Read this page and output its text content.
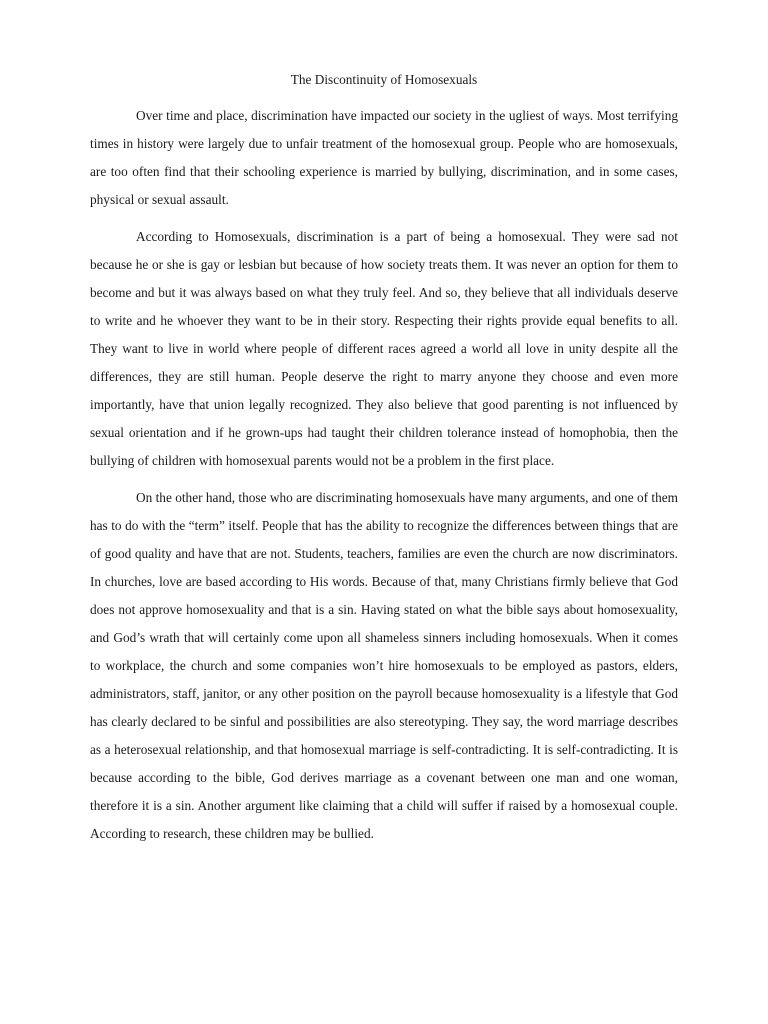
The Discontinuity of Homosexuals

Over time and place, discrimination have impacted our society in the ugliest of ways. Most terrifying times in history were largely due to unfair treatment of the homosexual group. People who are homosexuals, are too often find that their schooling experience is married by bullying, discrimination, and in some cases, physical or sexual assault.

According to Homosexuals, discrimination is a part of being a homosexual. They were sad not because he or she is gay or lesbian but because of how society treats them. It was never an option for them to become and but it was always based on what they truly feel. And so, they believe that all individuals deserve to write and he whoever they want to be in their story. Respecting their rights provide equal benefits to all. They want to live in world where people of different races agreed a world all love in unity despite all the differences, they are still human. People deserve the right to marry anyone they choose and even more importantly, have that union legally recognized. They also believe that good parenting is not influenced by sexual orientation and if he grown-ups had taught their children tolerance instead of homophobia, then the bullying of children with homosexual parents would not be a problem in the first place.

On the other hand, those who are discriminating homosexuals have many arguments, and one of them has to do with the “term” itself. People that has the ability to recognize the differences between things that are of good quality and have that are not. Students, teachers, families are even the church are now discriminators. In churches, love are based according to His words. Because of that, many Christians firmly believe that God does not approve homosexuality and that is a sin. Having stated on what the bible says about homosexuality, and God’s wrath that will certainly come upon all shameless sinners including homosexuals. When it comes to workplace, the church and some companies won’t hire homosexuals to be employed as pastors, elders, administrators, staff, janitor, or any other position on the payroll because homosexuality is a lifestyle that God has clearly declared to be sinful and possibilities are also stereotyping. They say, the word marriage describes as a heterosexual relationship, and that homosexual marriage is self-contradicting. It is self-contradicting. It is because according to the bible, God derives marriage as a covenant between one man and one woman, therefore it is a sin. Another argument like claiming that a child will suffer if raised by a homosexual couple. According to research, these children may be bullied.
